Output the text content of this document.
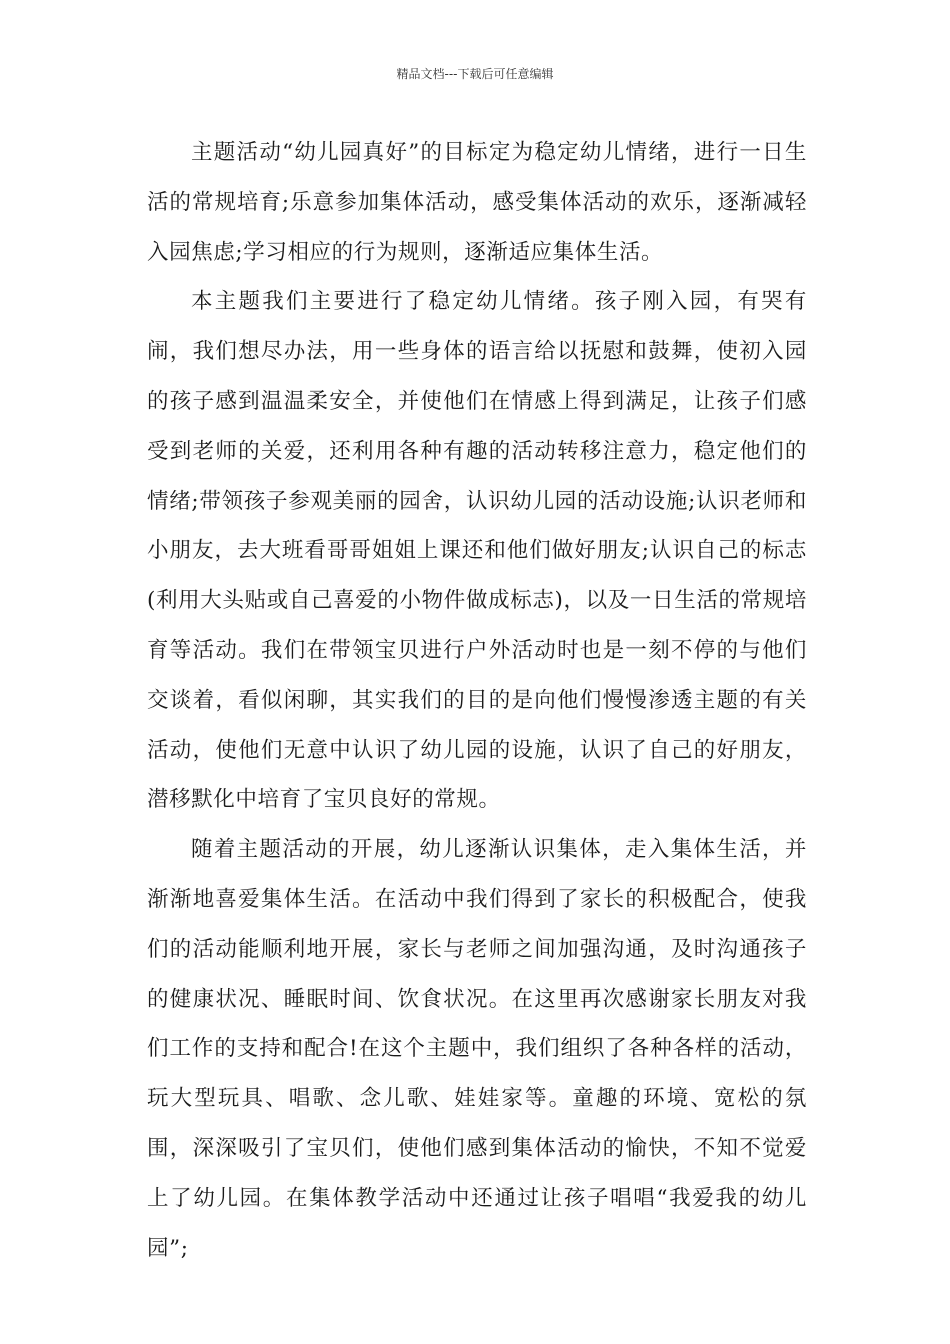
精品文档---下载后可任意编辑

主题活动“幼儿园真好”的目标定为稳定幼儿情绪，进行一日生活的常规培育;乐意参加集体活动，感受集体活动的欢乐，逐渐减轻入园焦虑;学习相应的行为规则，逐渐适应集体生活。

本主题我们主要进行了稳定幼儿情绪。孩子刚入园，有哭有闹，我们想尽办法，用一些身体的语言给以抚慰和鼓舞，使初入园的孩子感到温温柔安全，并使他们在情感上得到满足，让孩子们感受到老师的关爱，还利用各种有趣的活动转移注意力，稳定他们的情绪;带领孩子参观美丽的园舍，认识幼儿园的活动设施;认识老师和小朋友，去大班看哥哥姐姐上课还和他们做好朋友;认识自己的标志(利用大头贴或自己喜爱的小物件做成标志)，以及一日生活的常规培育等活动。我们在带领宝贝进行户外活动时也是一刻不停的与他们交谈着，看似闲聊，其实我们的目的是向他们慢慢渗透主题的有关活动，使他们无意中认识了幼儿园的设施，认识了自己的好朋友，潜移默化中培育了宝贝良好的常规。

随着主题活动的开展，幼儿逐渐认识集体，走入集体生活，并渐渐地喜爱集体生活。在活动中我们得到了家长的积极配合，使我们的活动能顺利地开展，家长与老师之间加强沟通，及时沟通孩子的健康状况、睡眠时间、饮食状况。在这里再次感谢家长朋友对我们工作的支持和配合!在这个主题中，我们组织了各种各样的活动，玩大型玩具、唱歌、念儿歌、娃娃家等。童趣的环境、宽松的氛围，深深吸引了宝贝们，使他们感到集体活动的愉快，不知不觉爱上了幼儿园。在集体教学活动中还通过让孩子唱唱“我爱我的幼儿园”;
